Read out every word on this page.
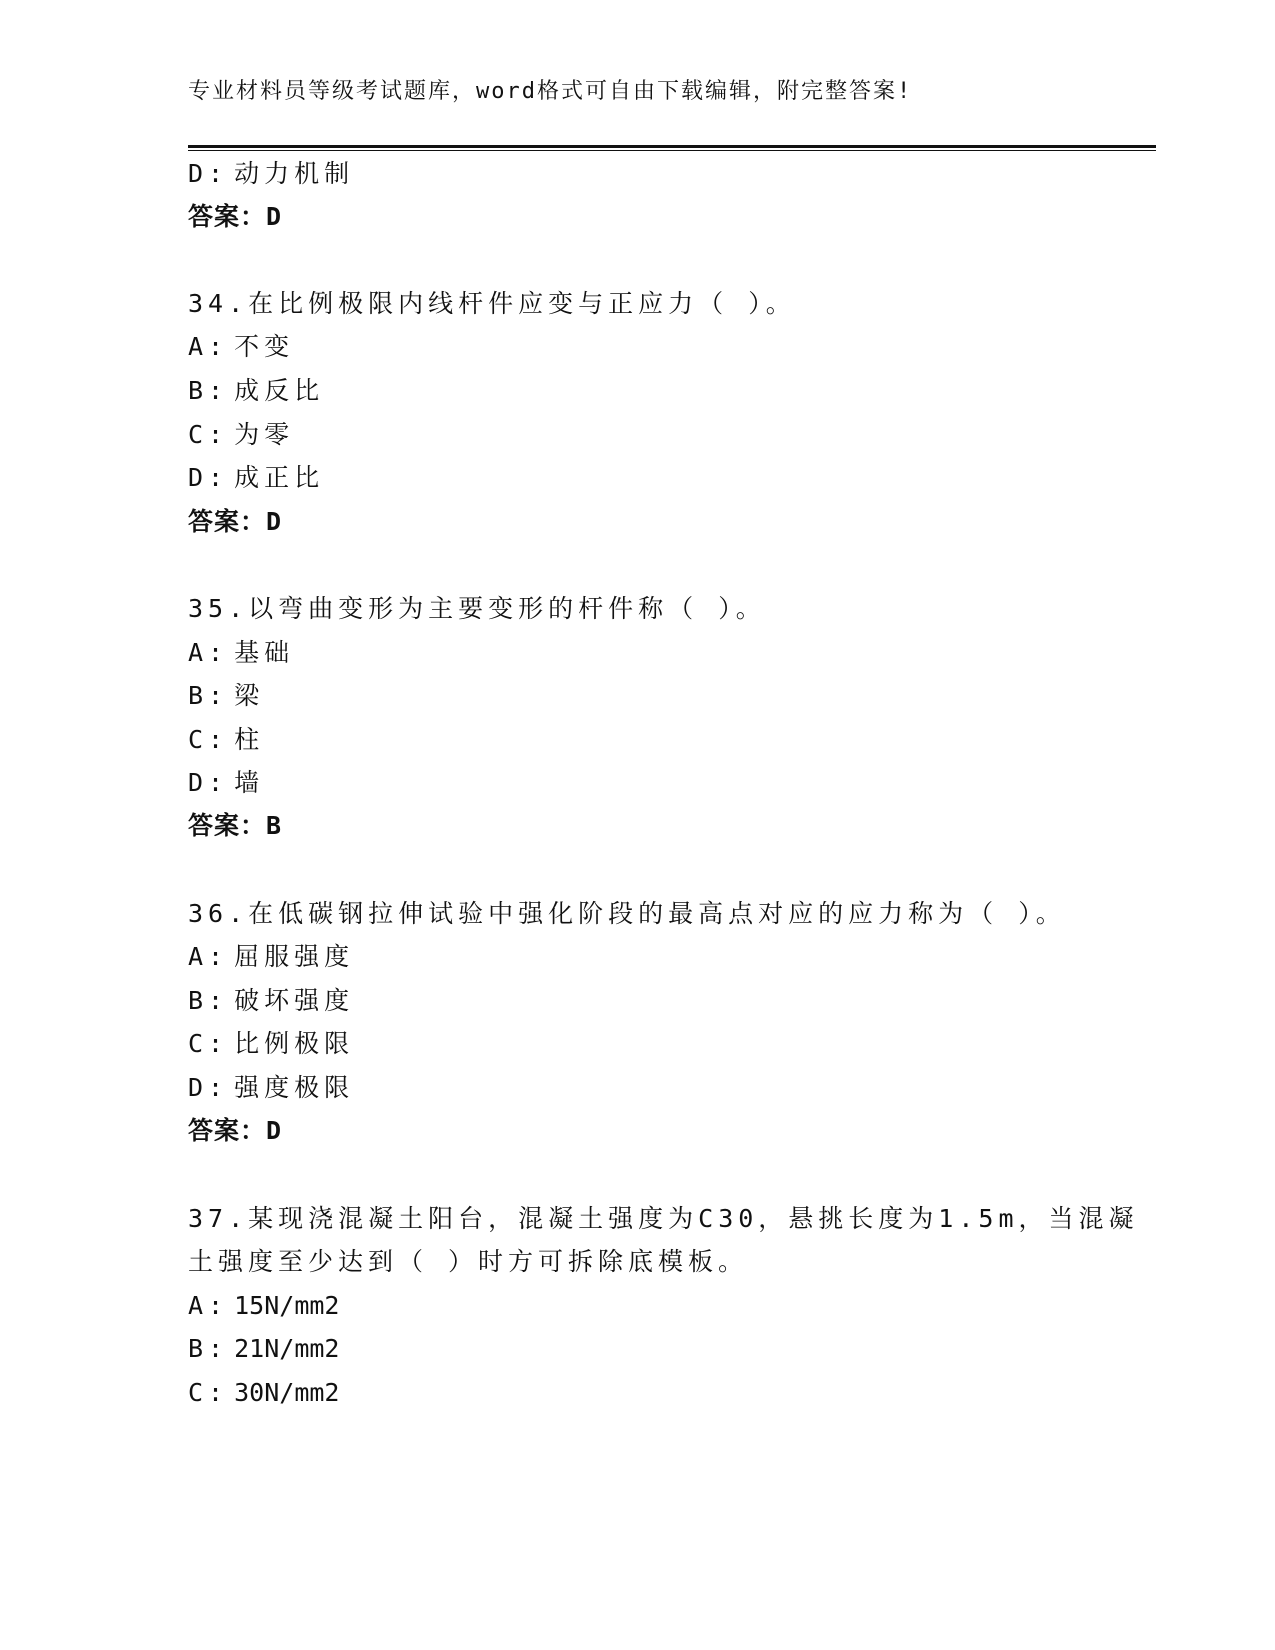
专业材料员等级考试题库，word格式可自由下载编辑，附完整答案!
D: 动力机制
答案：D
34.在比例极限内线杆件应变与正应力（ ）。
A: 不变
B: 成反比
C: 为零
D: 成正比
答案：D
35.以弯曲变形为主要变形的杆件称（ ）。
A: 基础
B: 梁
C: 柱
D: 墙
答案：B
36.在低碳钢拉伸试验中强化阶段的最高点对应的应力称为（ ）。
A: 屈服强度
B: 破坏强度
C: 比例极限
D: 强度极限
答案：D
37.某现浇混凝土阳台，混凝土强度为C30，悬挑长度为1.5m，当混凝
土强度至少达到（ ）时方可拆除底模板。
A: 15N/mm2
B: 21N/mm2
C: 30N/mm2
